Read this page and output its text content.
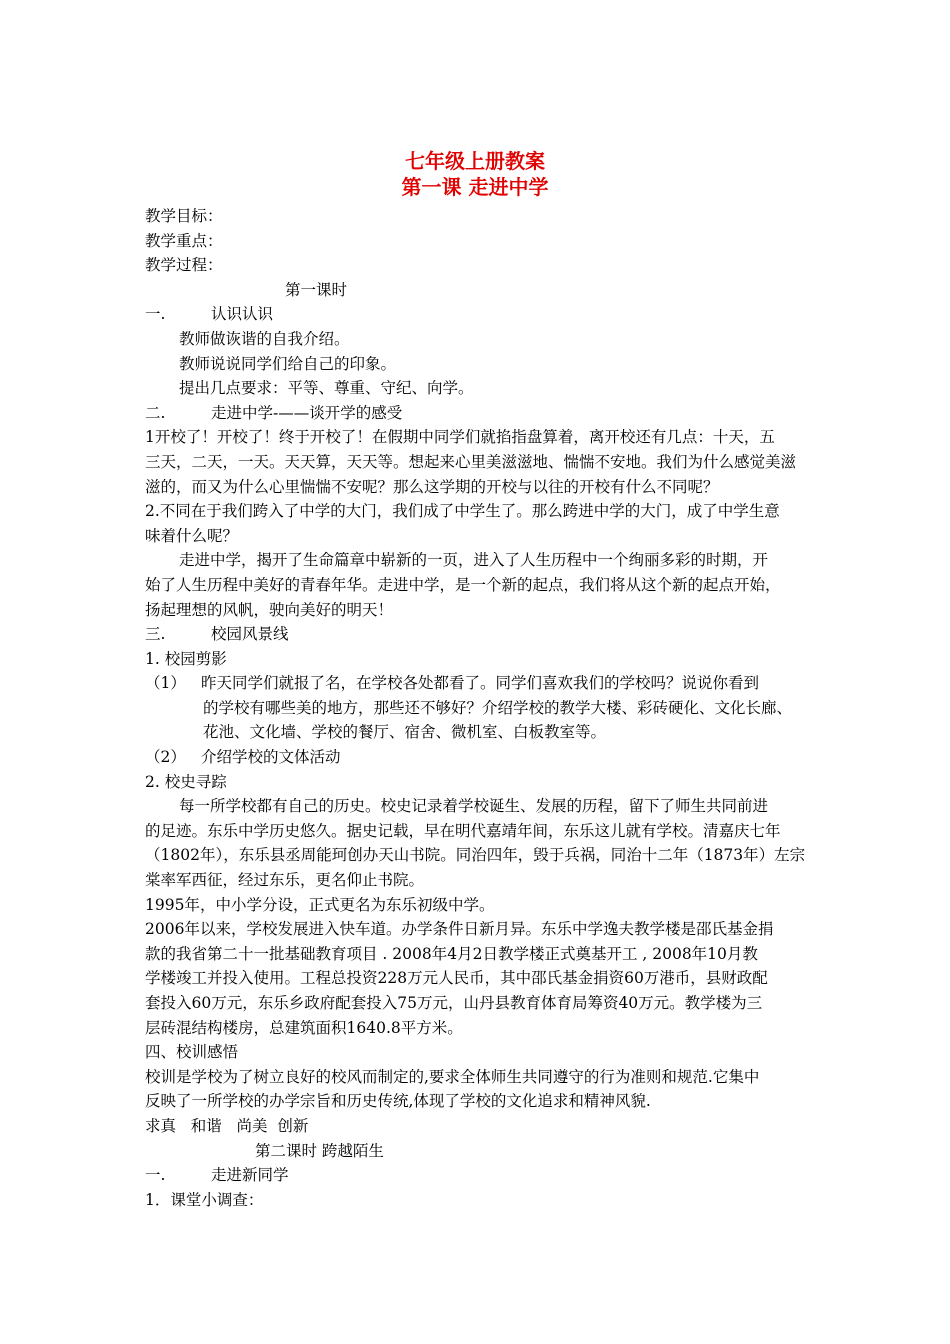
七年级上册教案
第一课 走进中学

教学目标：

教学重点：

教学过程：

第一课时

一.	认识认识

教师做诙谐的自我介绍。

教师说说同学们给自己的印象。

提出几点要求：平等、尊重、守纪、向学。

二.	走进中学-——谈开学的感受

1开校了！开校了！终于开校了！在假期中同学们就掐指盘算着，离开校还有几点：十天，五

三天，二天，一天。天天算，天天等。想起来心里美滋滋地、惴惴不安地。我们为什么感觉美滋

滋的，而又为什么心里惴惴不安呢？那么这学期的开校与以往的开校有什么不同呢？

2.不同在于我们跨入了中学的大门，我们成了中学生了。那么跨进中学的大门，成了中学生意

味着什么呢？

走进中学，揭开了生命篇章中崭新的一页，进入了人生历程中一个绚丽多彩的时期，开

始了人生历程中美好的青春年华。走进中学，是一个新的起点，我们将从这个新的起点开始，

扬起理想的风帆，驶向美好的明天！

三.	校园风景线

1. 校园剪影

（1） 昨天同学们就报了名，在学校各处都看了。同学们喜欢我们的学校吗？说说你看到

的学校有哪些美的地方，那些还不够好？介绍学校的教学大楼、彩砖硬化、文化长廊、

花池、文化墙、学校的餐厅、宿舍、微机室、白板教室等。

（2） 介绍学校的文体活动

2. 校史寻踪

每一所学校都有自己的历史。校史记录着学校诞生、发展的历程，留下了师生共同前进

的足迹。东乐中学历史悠久。据史记载，早在明代嘉靖年间，东乐这儿就有学校。清嘉庆七年

（1802年），东乐县丞周能珂创办天山书院。同治四年，毁于兵祸，同治十二年（1873年）左宗

棠率军西征，经过东乐，更名仰止书院。

1995年，中小学分设，正式更名为东乐初级中学。

2006年以来，学校发展进入快车道。办学条件日新月异。东乐中学逸夫教学楼是邵氏基金捐

款的我省第二十一批基础教育项目 . 2008年4月2日教学楼正式奠基开工 , 2008年10月教

学楼竣工并投入使用。工程总投资228万元人民币，其中邵氏基金捐资60万港币，县财政配

套投入60万元，东乐乡政府配套投入75万元，山丹县教育体育局筹资40万元。教学楼为三

层砖混结构楼房，总建筑面积1640.8平方米。

四、校训感悟

校训是学校为了树立良好的校风而制定的,要求全体师生共同遵守的行为准则和规范.它集中

反映了一所学校的办学宗旨和历史传统,体现了学校的文化追求和精神风貌.

求真   和谐   尚美  创新

第二课时 跨越陌生

一.	走进新同学

1．课堂小调查：
